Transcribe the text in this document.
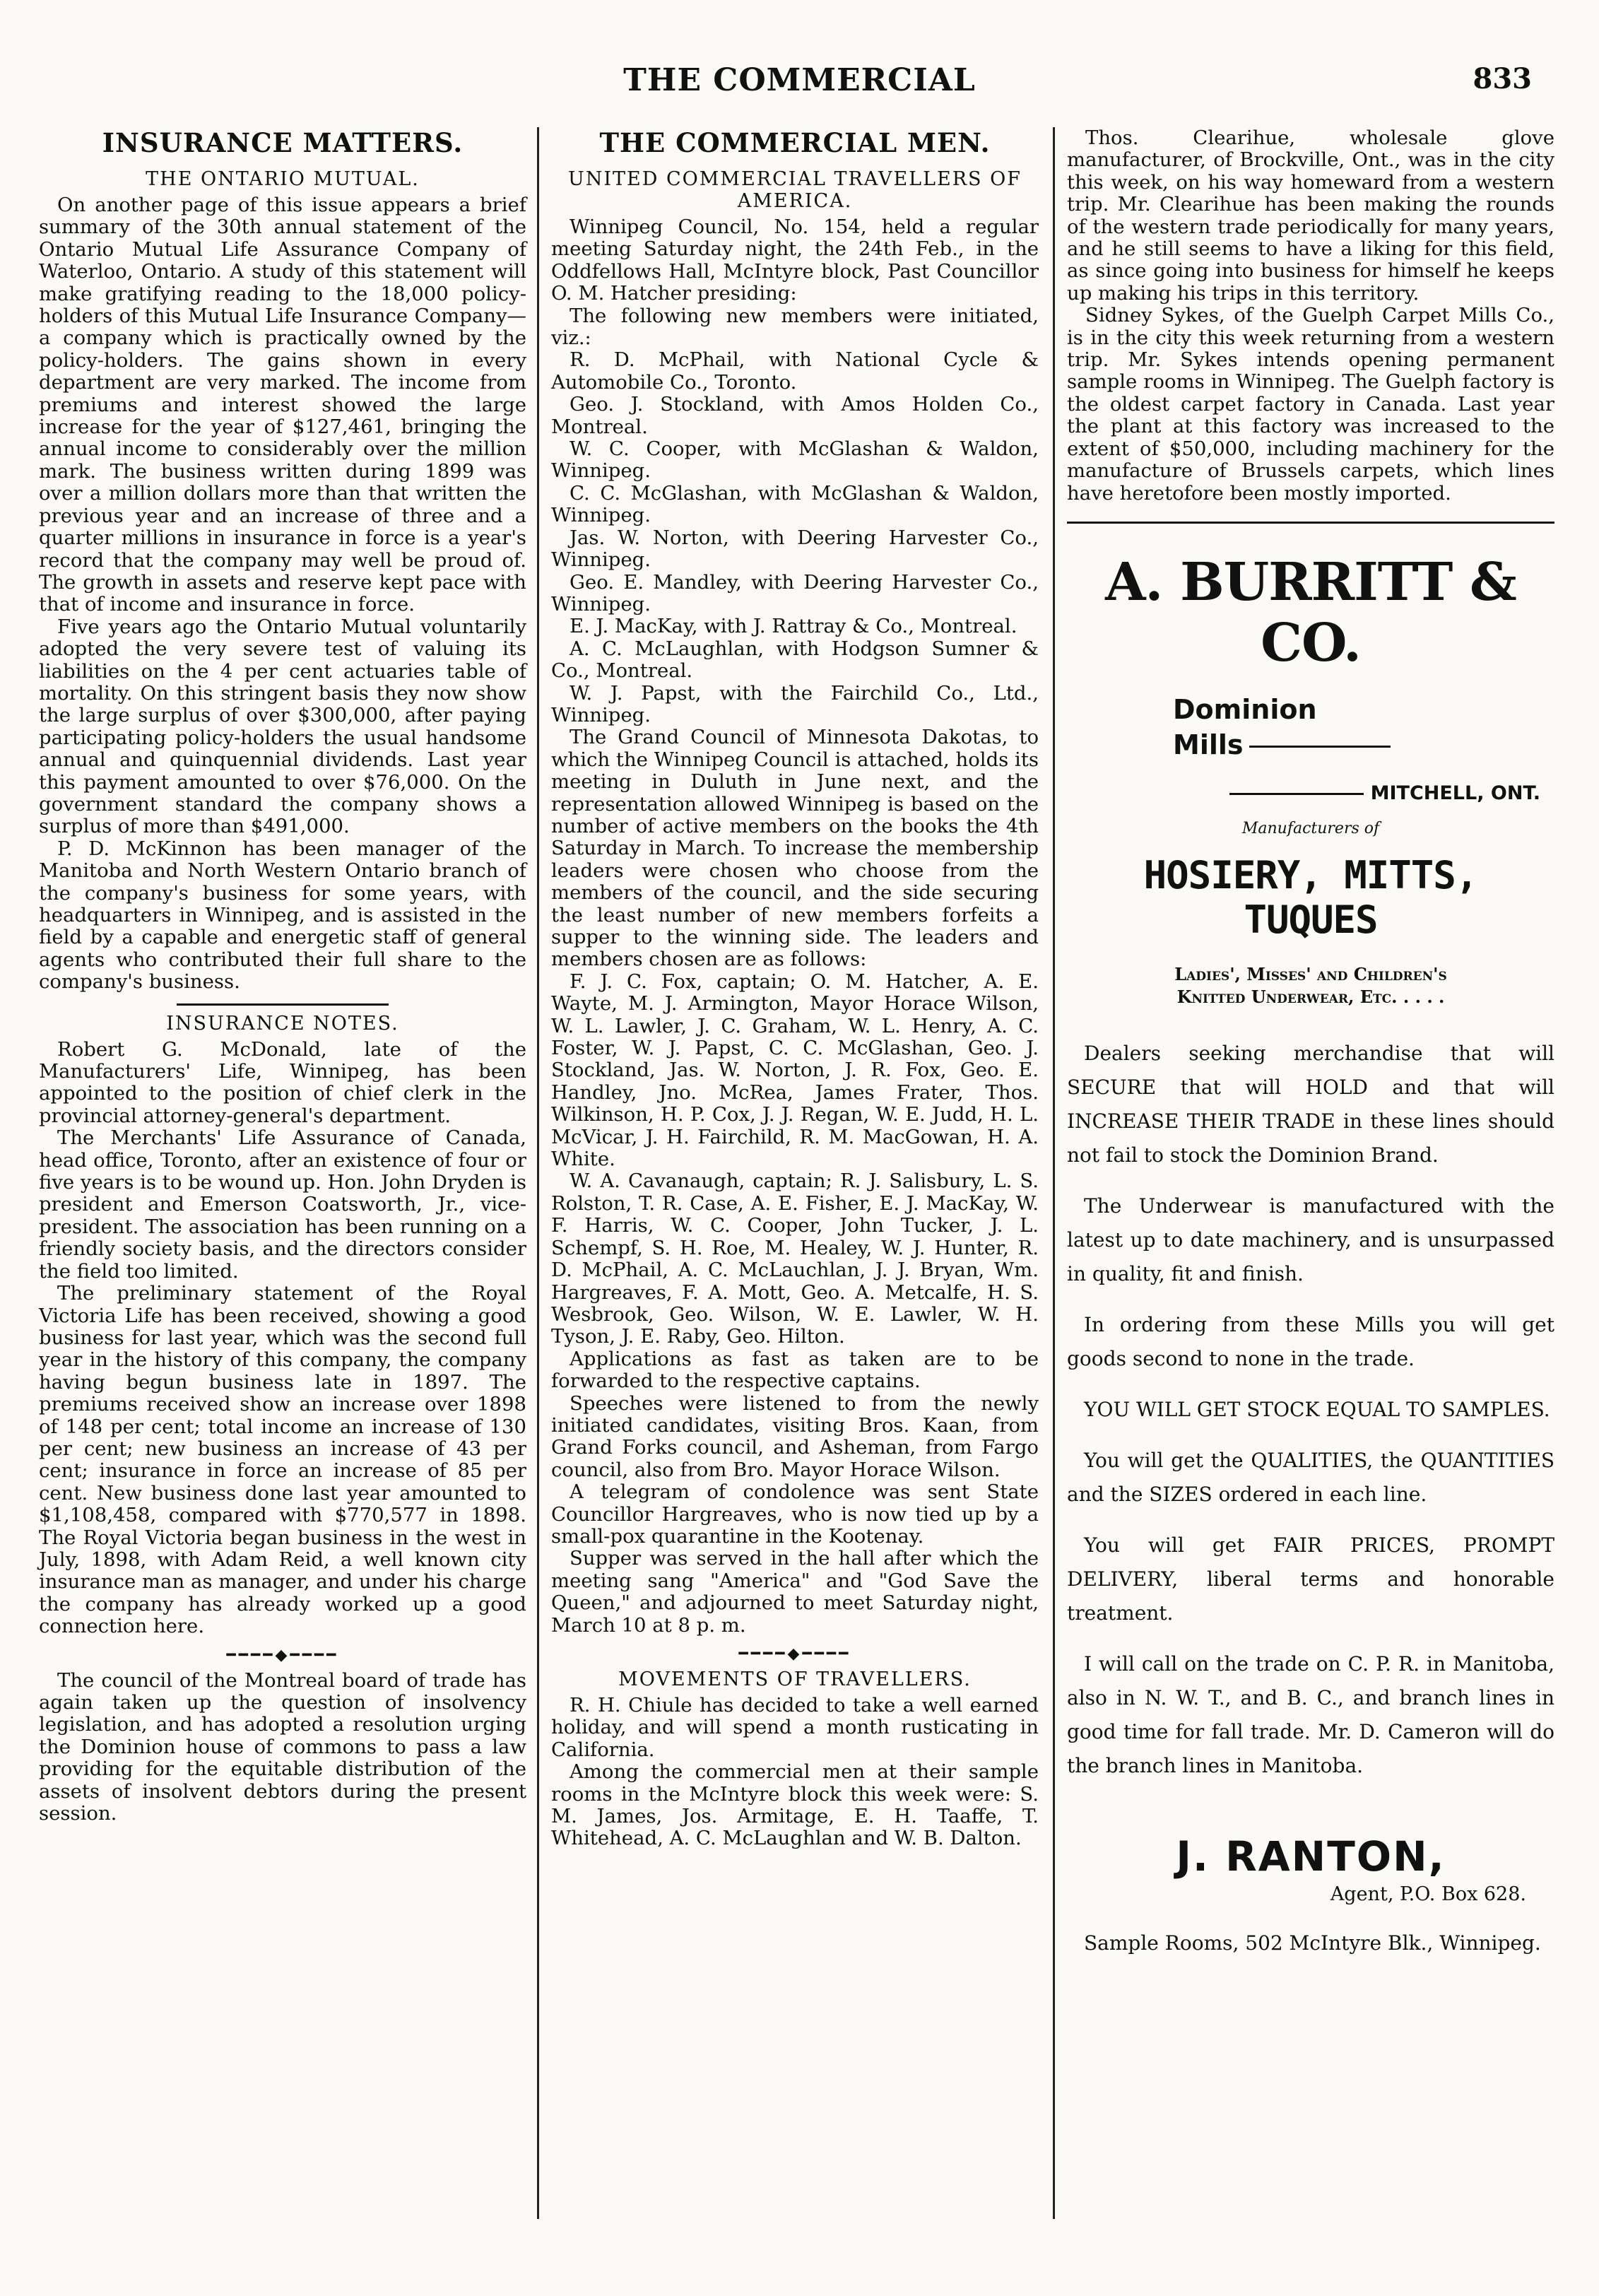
THE COMMERCIAL	833
INSURANCE MATTERS.
THE ONTARIO MUTUAL.

On another page of this issue appears a brief summary of the 30th annual statement of the Ontario Mutual Life Assurance Company of Waterloo, Ontario. A study of this statement will make gratifying reading to the 18,000 policy-holders of this Mutual Life Insurance Company—a company which is practically owned by the policy-holders. The gains shown in every department are very marked. The income from premiums and interest showed the large increase for the year of $127,461, bringing the annual income to considerably over the million mark. The business written during 1899 was over a million dollars more than that written the previous year and an increase of three and a quarter millions in insurance in force is a year's record that the company may well be proud of. The growth in assets and reserve kept pace with that of income and insurance in force.

Five years ago the Ontario Mutual voluntarily adopted the very severe test of valuing its liabilities on the 4 per cent actuaries table of mortality. On this stringent basis they now show the large surplus of over $300,000, after paying participating policy-holders the usual handsome annual and quinquennial dividends. Last year this payment amounted to over $76,000. On the government standard the company shows a surplus of more than $491,000.

P. D. McKinnon has been manager of the Manitoba and North Western Ontario branch of the company's business for some years, with headquarters in Winnipeg, and is assisted in the field by a capable and energetic staff of general agents who contributed their full share to the company's business.

INSURANCE NOTES.

Robert G. McDonald, late of the Manufacturers' Life, Winnipeg, has been appointed to the position of chief clerk in the provincial attorney-general's department.

The Merchants' Life Assurance of Canada, head office, Toronto, after an existence of four or five years is to be wound up. Hon. John Dryden is president and Emerson Coatsworth, Jr., vice-president. The association has been running on a friendly society basis, and the directors consider the field too limited.

The preliminary statement of the Royal Victoria Life has been received, showing a good business for last year, which was the second full year in the history of this company, the company having begun business late in 1897. The premiums received show an increase over 1898 of 148 per cent; total income an increase of 130 per cent; new business an increase of 43 per cent; insurance in force an increase of 85 per cent. New business done last year amounted to $1,108,458, compared with $770,577 in 1898. The Royal Victoria began business in the west in July, 1898, with Adam Reid, a well known city insurance man as manager, and under his charge the company has already worked up a good connection here.

━━━━◆━━━━

The council of the Montreal board of trade has again taken up the question of insolvency legislation, and has adopted a resolution urging the Dominion house of commons to pass a law providing for the equitable distribution of the assets of insolvent debtors during the present session.

THE COMMERCIAL MEN.
UNITED COMMERCIAL TRAVELLERS OF AMERICA.

Winnipeg Council, No. 154, held a regular meeting Saturday night, the 24th Feb., in the Oddfellows Hall, McIntyre block, Past Councillor O. M. Hatcher presiding:

The following new members were initiated, viz.:

R. D. McPhail, with National Cycle & Automobile Co., Toronto.

Geo. J. Stockland, with Amos Holden Co., Montreal.

W. C. Cooper, with McGlashan & Waldon, Winnipeg.

C. C. McGlashan, with McGlashan & Waldon, Winnipeg.

Jas. W. Norton, with Deering Harvester Co., Winnipeg.

Geo. E. Mandley, with Deering Harvester Co., Winnipeg.

E. J. MacKay, with J. Rattray & Co., Montreal.

A. C. McLaughlan, with Hodgson Sumner & Co., Montreal.

W. J. Papst, with the Fairchild Co., Ltd., Winnipeg.

The Grand Council of Minnesota Dakotas, to which the Winnipeg Council is attached, holds its meeting in Duluth in June next, and the representation allowed Winnipeg is based on the number of active members on the books the 4th Saturday in March. To increase the membership leaders were chosen who choose from the members of the council, and the side securing the least number of new members forfeits a supper to the winning side. The leaders and members chosen are as follows:

F. J. C. Fox, captain; O. M. Hatcher, A. E. Wayte, M. J. Armington, Mayor Horace Wilson, W. L. Lawler, J. C. Graham, W. L. Henry, A. C. Foster, W. J. Papst, C. C. McGlashan, Geo. J. Stockland, Jas. W. Norton, J. R. Fox, Geo. E. Handley, Jno. McRea, James Frater, Thos. Wilkinson, H. P. Cox, J. J. Regan, W. E. Judd, H. L. McVicar, J. H. Fairchild, R. M. MacGowan, H. A. White.

W. A. Cavanaugh, captain; R. J. Salisbury, L. S. Rolston, T. R. Case, A. E. Fisher, E. J. MacKay, W. F. Harris, W. C. Cooper, John Tucker, J. L. Schempf, S. H. Roe, M. Healey, W. J. Hunter, R. D. McPhail, A. C. McLauchlan, J. J. Bryan, Wm. Hargreaves, F. A. Mott, Geo. A. Metcalfe, H. S. Wesbrook, Geo. Wilson, W. E. Lawler, W. H. Tyson, J. E. Raby, Geo. Hilton.

Applications as fast as taken are to be forwarded to the respective captains.

Speeches were listened to from the newly initiated candidates, visiting Bros. Kaan, from Grand Forks council, and Asheman, from Fargo council, also from Bro. Mayor Horace Wilson.

A telegram of condolence was sent State Councillor Hargreaves, who is now tied up by a small-pox quarantine in the Kootenay.

Supper was served in the hall after which the meeting sang "America" and "God Save the Queen," and adjourned to meet Saturday night, March 10 at 8 p. m.

━━━━◆━━━━
MOVEMENTS OF TRAVELLERS.

R. H. Chiule has decided to take a well earned holiday, and will spend a month rusticating in California.

Among the commercial men at their sample rooms in the McIntyre block this week were: S. M. James, Jos. Armitage, E. H. Taaffe, T. Whitehead, A. C. McLaughlan and W. B. Dalton.

Thos. Clearihue, wholesale glove manufacturer, of Brockville, Ont., was in the city this week, on his way homeward from a western trip. Mr. Clearihue has been making the rounds of the western trade periodically for many years, and he still seems to have a liking for this field, as since going into business for himself he keeps up making his trips in this territory.

Sidney Sykes, of the Guelph Carpet Mills Co., is in the city this week returning from a western trip. Mr. Sykes intends opening permanent sample rooms in Winnipeg. The Guelph factory is the oldest carpet factory in Canada. Last year the plant at this factory was increased to the extent of $50,000, including machinery for the manufacture of Brussels carpets, which lines have heretofore been mostly imported.

A. BURRITT & CO.
Dominion
Mills
MITCHELL, ONT.
Manufacturers of
HOSIERY, MITTS, TUQUES
Ladies', Misses' and Children's
Knitted Underwear, Etc. . . . .

Dealers seeking merchandise that will SECURE that will HOLD and that will INCREASE THEIR TRADE in these lines should not fail to stock the Dominion Brand.

The Underwear is manufactured with the latest up to date machinery, and is unsurpassed in quality, fit and finish.

In ordering from these Mills you will get goods second to none in the trade.

YOU WILL GET STOCK EQUAL TO SAMPLES.

You will get the QUALITIES, the QUANTITIES and the SIZES ordered in each line.

You will get FAIR PRICES, PROMPT DELIVERY, liberal terms and honorable treatment.

I will call on the trade on C. P. R. in Manitoba, also in N. W. T., and B. C., and branch lines in good time for fall trade. Mr. D. Cameron will do the branch lines in Manitoba.

J. RANTON,
Agent, P.O. Box 628.

Sample Rooms, 502 McIntyre Blk., Winnipeg.
